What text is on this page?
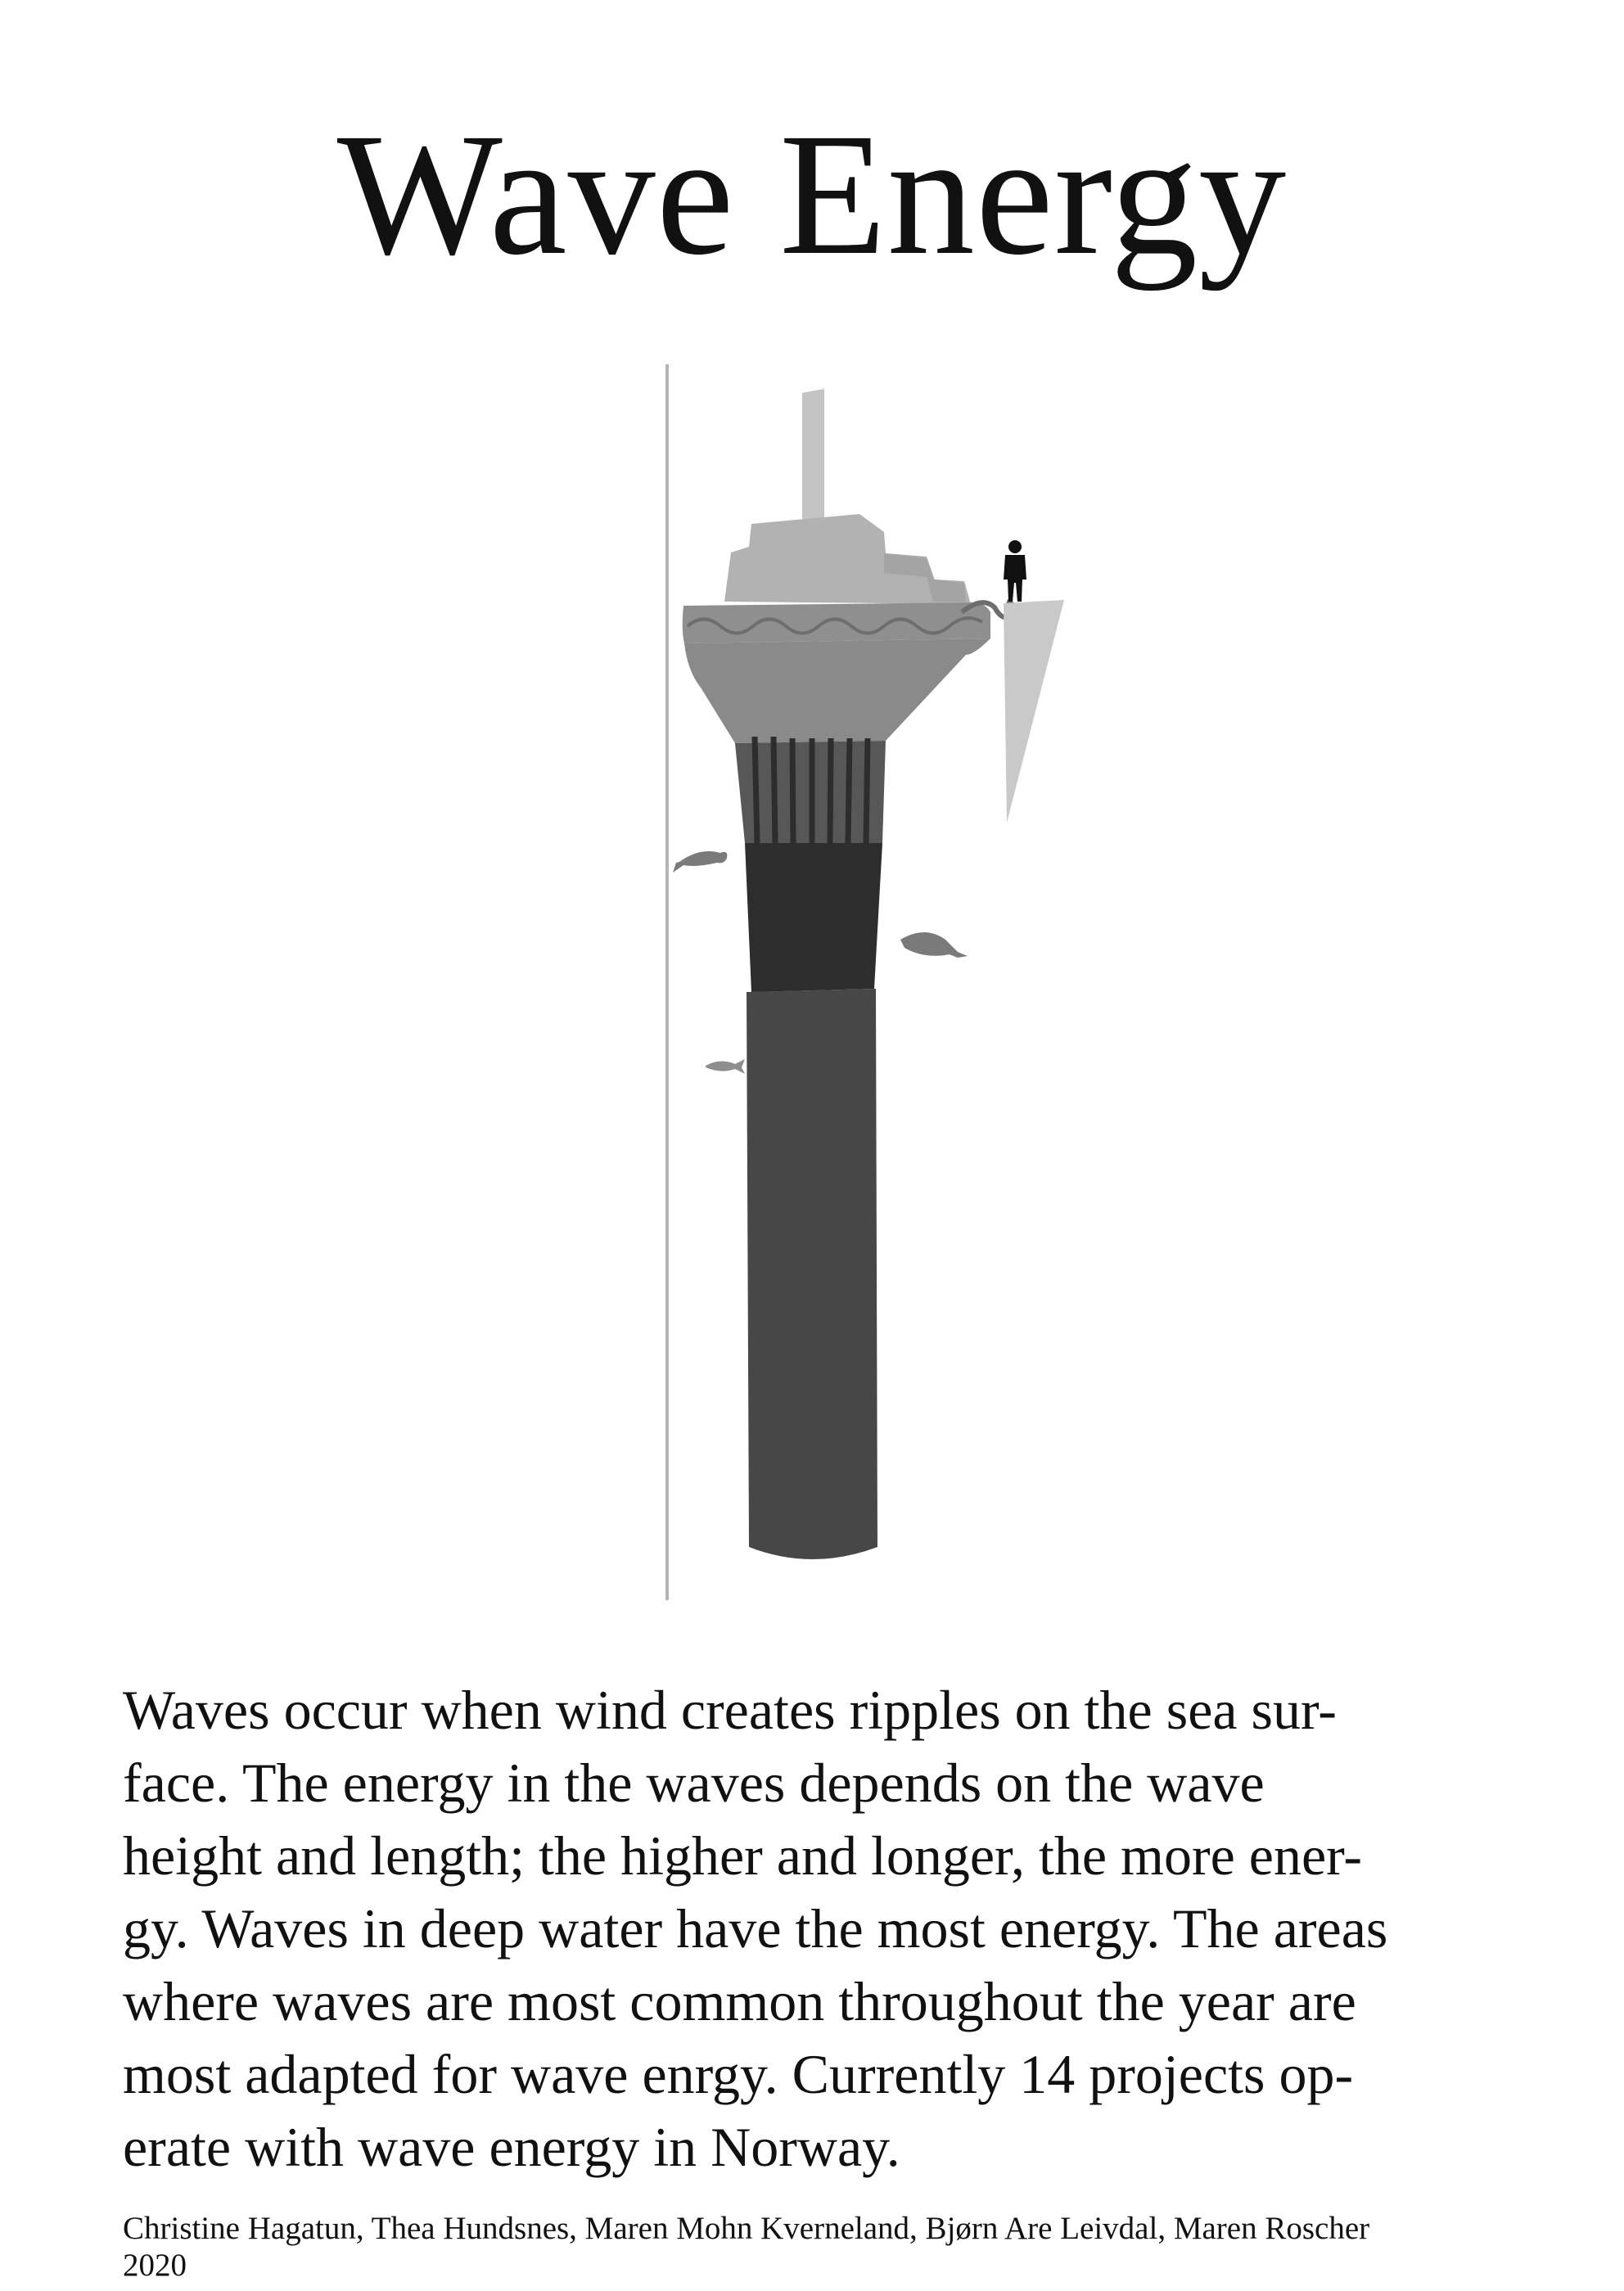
Wave Energy

Waves occur when wind creates ripples on the sea sur-
face. The energy in the waves depends on the wave
height and length; the higher and longer, the more ener-
gy. Waves in deep water have the most energy. The areas
where waves are most common throughout the year are
most adapted for wave enrgy. Currently 14 projects op-
erate with wave energy in Norway.

Christine Hagatun, Thea Hundsnes, Maren Mohn Kverneland, Bjørn Are Leivdal, Maren Roscher
2020
